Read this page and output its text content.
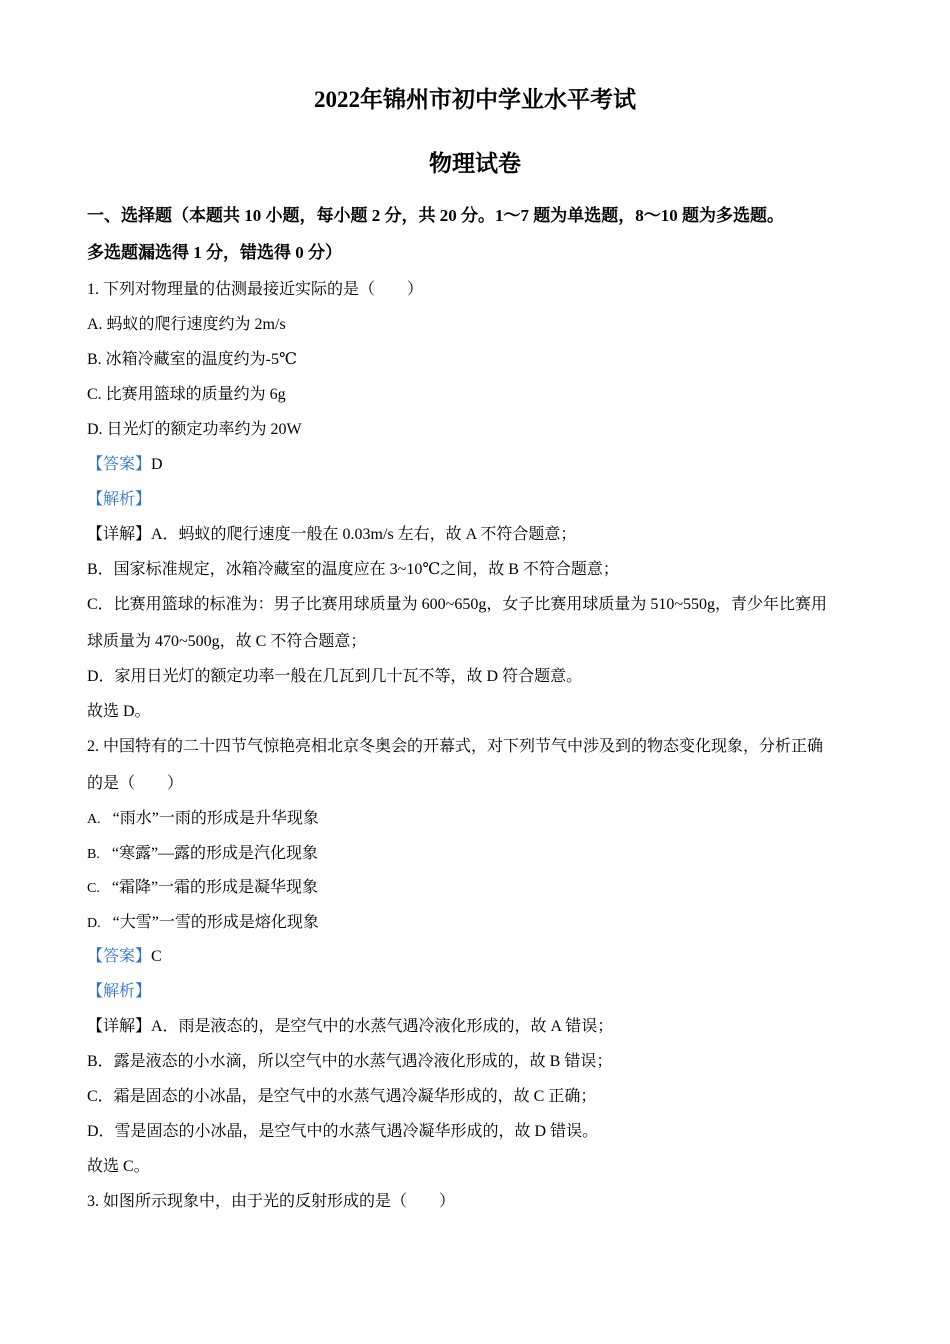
2022年锦州市初中学业水平考试
物理试卷
一、选择题（本题共 10 小题，每小题 2 分，共 20 分。1～7 题为单选题，8～10 题为多选题。
多选题漏选得 1 分，错选得 0 分）
1. 下列对物理量的估测最接近实际的是（　　）
A. 蚂蚁的爬行速度约为 2m/s
B. 冰箱冷藏室的温度约为-5℃
C. 比赛用篮球的质量约为 6g
D. 日光灯的额定功率约为 20W
【答案】D
【解析】
【详解】A．蚂蚁的爬行速度一般在 0.03m/s 左右，故 A 不符合题意；
B．国家标准规定，冰箱冷藏室的温度应在 3~10℃之间，故 B 不符合题意；
C．比赛用篮球的标准为：男子比赛用球质量为 600~650g，女子比赛用球质量为 510~550g，青少年比赛用
球质量为 470~500g，故 C 不符合题意；
D．家用日光灯的额定功率一般在几瓦到几十瓦不等，故 D 符合题意。
故选 D。
2. 中国特有的二十四节气惊艳亮相北京冬奥会的开幕式，对下列节气中涉及到的物态变化现象，分析正确
的是（　　）
A. “雨水”一雨的形成是升华现象
B. “寒露”—露的形成是汽化现象
C. “霜降”一霜的形成是凝华现象
D. “大雪”一雪的形成是熔化现象
【答案】C
【解析】
【详解】A．雨是液态的，是空气中的水蒸气遇冷液化形成的，故 A 错误；
B．露是液态的小水滴，所以空气中的水蒸气遇冷液化形成的，故 B 错误；
C．霜是固态的小冰晶，是空气中的水蒸气遇冷凝华形成的，故 C 正确；
D．雪是固态的小冰晶，是空气中的水蒸气遇冷凝华形成的，故 D 错误。
故选 C。
3. 如图所示现象中，由于光的反射形成的是（　　）
